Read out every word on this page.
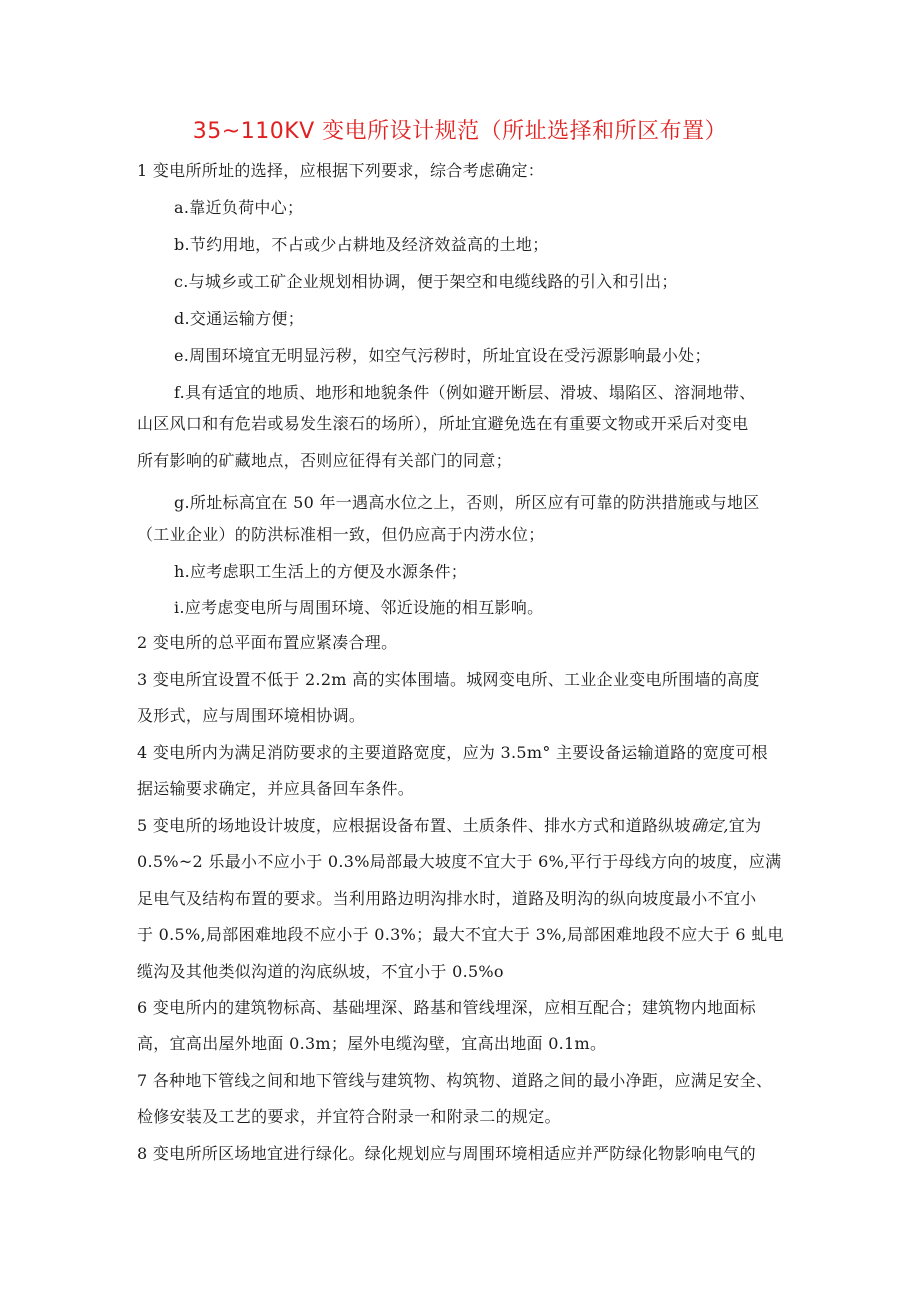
35~110KV 变电所设计规范（所址选择和所区布置）
1 变电所所址的选择，应根据下列要求，综合考虑确定：
a.靠近负荷中心；
b.节约用地，不占或少占耕地及经济效益高的土地；
c.与城乡或工矿企业规划相协调，便于架空和电缆线路的引入和引出；
d.交通运输方便；
e.周围环境宜无明显污秽，如空气污秽时，所址宜设在受污源影响最小处；
f.具有适宜的地质、地形和地貌条件（例如避开断层、滑坡、塌陷区、溶洞地带、
山区风口和有危岩或易发生滚石的场所），所址宜避免选在有重要文物或开采后对变电
所有影响的矿藏地点，否则应征得有关部门的同意；
g.所址标高宜在 50 年一遇高水位之上，否则，所区应有可靠的防洪措施或与地区
（工业企业）的防洪标准相一致，但仍应高于内涝水位；
h.应考虑职工生活上的方便及水源条件；
i.应考虑变电所与周围环境、邻近设施的相互影响。
2 变电所的总平面布置应紧凑合理。
3 变电所宜设置不低于 2.2m 高的实体围墙。城网变电所、工业企业变电所围墙的高度
及形式，应与周围环境相协调。
4 变电所内为满足消防要求的主要道路宽度，应为 3.5m° 主要设备运输道路的宽度可根
据运输要求确定，并应具备回车条件。
5 变电所的场地设计坡度，应根据设备布置、土质条件、排水方式和道路纵坡确定,宜为
0.5%~2 乐最小不应小于 0.3%局部最大坡度不宜大于 6%,平行于母线方向的坡度，应满
足电气及结构布置的要求。当利用路边明沟排水时，道路及明沟的纵向坡度最小不宜小
于 0.5%,局部困难地段不应小于 0.3%；最大不宜大于 3%,局部困难地段不应大于 6 虬电
缆沟及其他类似沟道的沟底纵坡，不宜小于 0.5%o
6 变电所内的建筑物标高、基础埋深、路基和管线埋深，应相互配合；建筑物内地面标
高，宜高出屋外地面 0.3m；屋外电缆沟壁，宜高出地面 0.1m。
7 各种地下管线之间和地下管线与建筑物、构筑物、道路之间的最小净距，应满足安全、
检修安装及工艺的要求，并宜符合附录一和附录二的规定。
8 变电所所区场地宜进行绿化。绿化规划应与周围环境相适应并严防绿化物影响电气的
